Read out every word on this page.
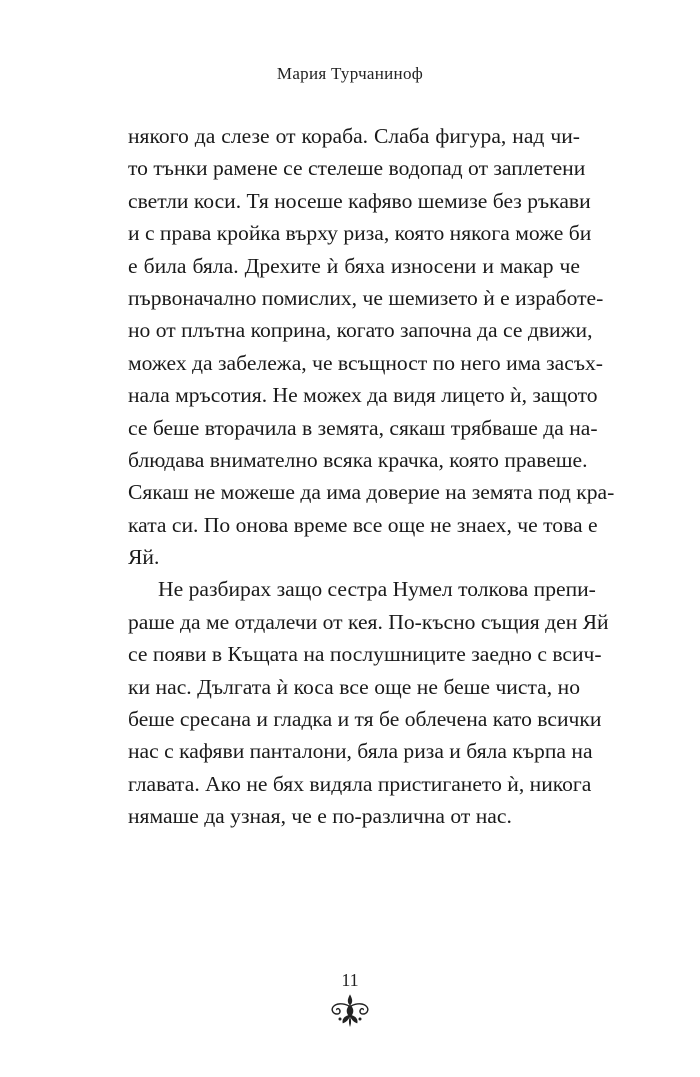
Мария Турчаниноф
някого да слезе от кораба. Слаба фигура, над чи-
то тънки рамене се стелеше водопад от заплетени
светли коси. Тя носеше кафяво шемизе без ръкави
и с права кройка върху риза, която някога може би
е била бяла. Дрехите ѝ бяха износени и макар че
първоначално помислих, че шемизето ѝ е изработе-
но от плътна коприна, когато започна да се движи,
можех да забележа, че всъщност по него има засъх-
нала мръсотия. Не можех да видя лицето ѝ, защото
се беше вторачила в земята, сякаш трябваше да на-
блюдава внимателно всяка крачка, която правеше.
Сякаш не можеше да има доверие на земята под кра-
ката си. По онова време все още не знаех, че това е
Яй.
Не разбирах защо сестра Нумел толкова препи-
раше да ме отдалечи от кея. По-късно същия ден Яй
се появи в Къщата на послушниците заедно с всич-
ки нас. Дългата ѝ коса все още не беше чиста, но
беше сресана и гладка и тя бе облечена като всички
нас с кафяви панталони, бяла риза и бяла кърпа на
главата. Ако не бях видяла пристигането ѝ, никога
нямаше да узная, че е по-различна от нас.
11
